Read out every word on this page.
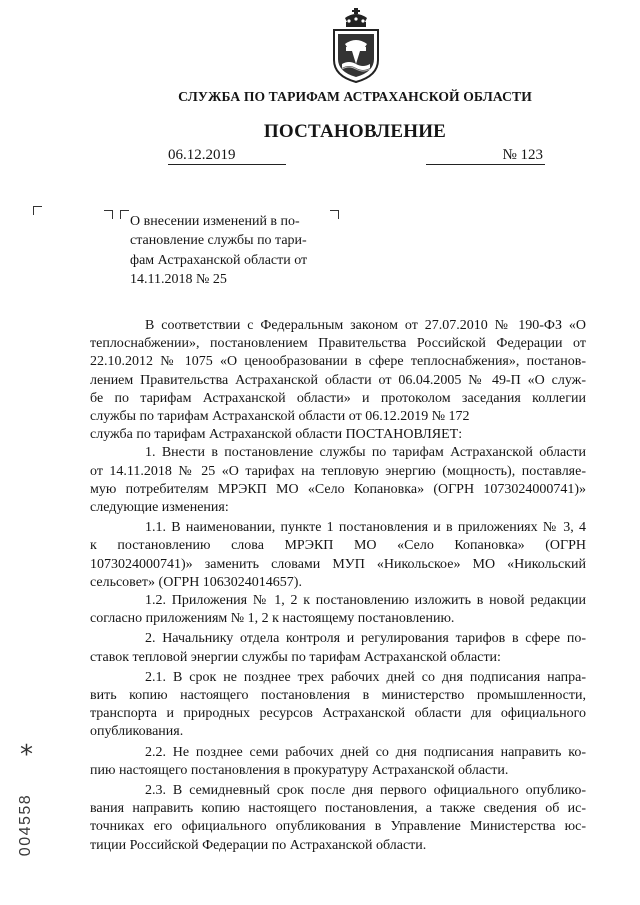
СЛУЖБА ПО ТАРИФАМ АСТРАХАНСКОЙ ОБЛАСТИ
ПОСТАНОВЛЕНИЕ
06.12.2019	№ 123
О внесении изменений в по-
становление службы по тари-
фам Астраханской области от
14.11.2018 № 25
В соответствии с Федеральным законом от 27.07.2010 № 190-ФЗ «О
теплоснабжении», постановлением Правительства Российской Федерации от
22.10.2012 № 1075 «О ценообразовании в сфере теплоснабжения», постанов-
лением Правительства Астраханской области от 06.04.2005 № 49-П «О служ-
бе по тарифам Астраханской области» и протоколом заседания коллегии
службы по тарифам Астраханской области от 06.12.2019 № 172
служба по тарифам Астраханской области ПОСТАНОВЛЯЕТ:
1. Внести в постановление службы по тарифам Астраханской области
от 14.11.2018 № 25 «О тарифах на тепловую энергию (мощность), поставляе-
мую потребителям МРЭКП МО «Село Копановка» (ОГРН 1073024000741)»
следующие изменения:
1.1. В наименовании, пункте 1 постановления и в приложениях № 3, 4
к постановлению слова МРЭКП МО «Село Копановка» (ОГРН
1073024000741)» заменить словами МУП «Никольское» МО «Никольский
сельсовет» (ОГРН 1063024014657).
1.2. Приложения № 1, 2 к постановлению изложить в новой редакции
согласно приложениям № 1, 2 к настоящему постановлению.
2. Начальнику отдела контроля и регулирования тарифов в сфере по-
ставок тепловой энергии службы по тарифам Астраханской области:
2.1. В срок не позднее трех рабочих дней со дня подписания напра-
вить копию настоящего постановления в министерство промышленности,
транспорта и природных ресурсов Астраханской области для официального
опубликования.
2.2. Не позднее семи рабочих дней со дня подписания направить ко-
пию настоящего постановления в прокуратуру Астраханской области.
2.3. В семидневный срок после дня первого официального опублико-
вания направить копию настоящего постановления, а также сведения об ис-
точниках его официального опубликования в Управление Министерства юс-
тиции Российской Федерации по Астраханской области.
*
004558
